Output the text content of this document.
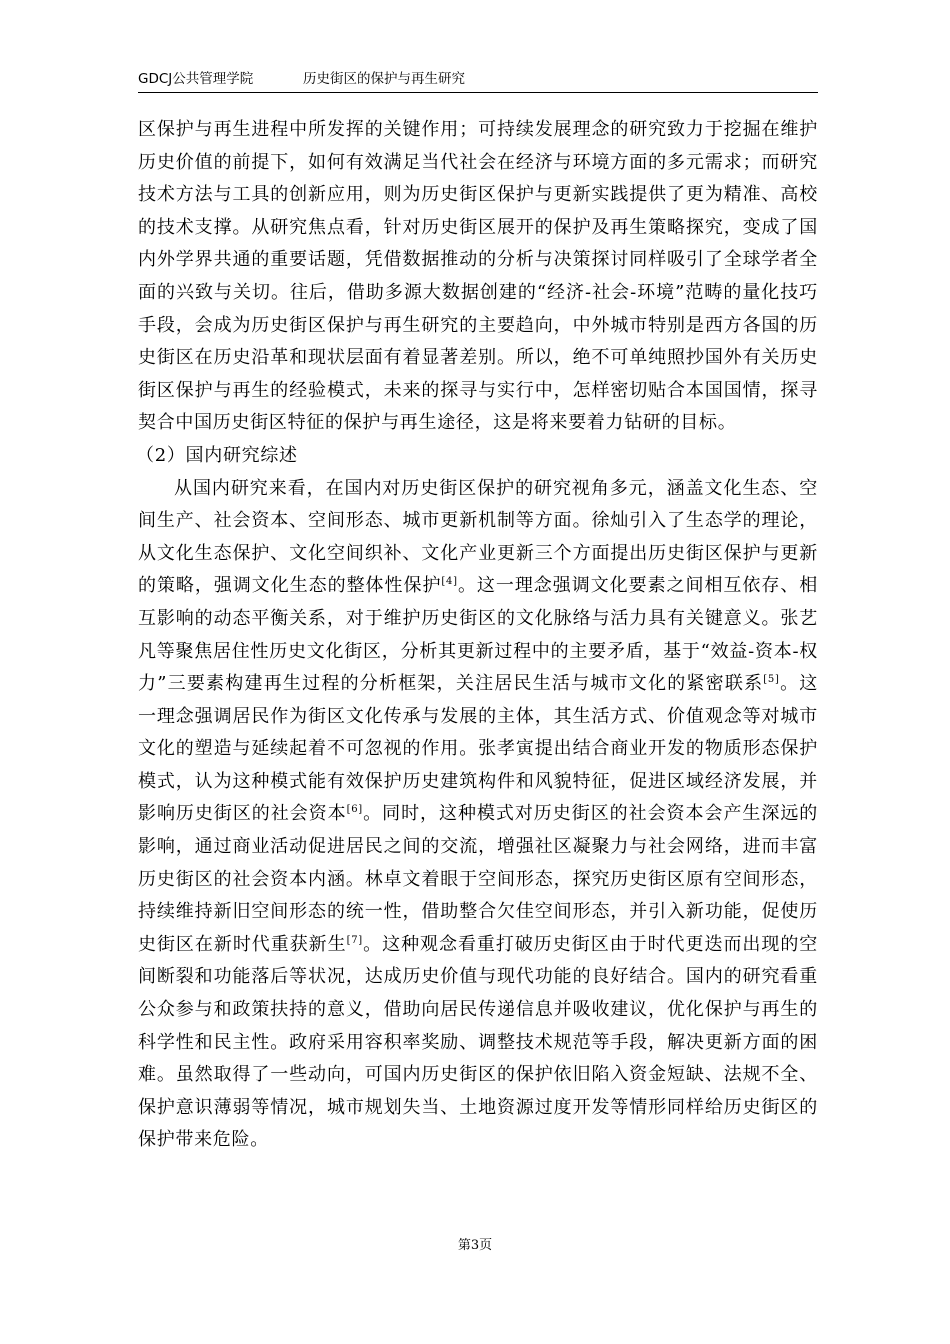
GDCJ公共管理学院	历史街区的保护与再生研究

区保护与再生进程中所发挥的关键作用；可持续发展理念的研究致力于挖掘在维护历史价值的前提下，如何有效满足当代社会在经济与环境方面的多元需求；而研究技术方法与工具的创新应用，则为历史街区保护与更新实践提供了更为精准、高校的技术支撑。从研究焦点看，针对历史街区展开的保护及再生策略探究，变成了国内外学界共通的重要话题，凭借数据推动的分析与决策探讨同样吸引了全球学者全面的兴致与关切。往后，借助多源大数据创建的“经济-社会-环境”范畴的量化技巧手段，会成为历史街区保护与再生研究的主要趋向，中外城市特别是西方各国的历史街区在历史沿革和现状层面有着显著差别。所以，绝不可单纯照抄国外有关历史街区保护与再生的经验模式，未来的探寻与实行中，怎样密切贴合本国国情，探寻契合中国历史街区特征的保护与再生途径，这是将来要着力钻研的目标。

（2）国内研究综述

从国内研究来看，在国内对历史街区保护的研究视角多元，涵盖文化生态、空间生产、社会资本、空间形态、城市更新机制等方面。徐灿引入了生态学的理论，从文化生态保护、文化空间织补、文化产业更新三个方面提出历史街区保护与更新的策略，强调文化生态的整体性保护[4]。这一理念强调文化要素之间相互依存、相互影响的动态平衡关系，对于维护历史街区的文化脉络与活力具有关键意义。张艺凡等聚焦居住性历史文化街区，分析其更新过程中的主要矛盾，基于“效益-资本-权力”三要素构建再生过程的分析框架，关注居民生活与城市文化的紧密联系[5]。这一理念强调居民作为街区文化传承与发展的主体，其生活方式、价值观念等对城市文化的塑造与延续起着不可忽视的作用。张孝寅提出结合商业开发的物质形态保护模式，认为这种模式能有效保护历史建筑构件和风貌特征，促进区域经济发展，并影响历史街区的社会资本[6]。同时，这种模式对历史街区的社会资本会产生深远的影响，通过商业活动促进居民之间的交流，增强社区凝聚力与社会网络，进而丰富历史街区的社会资本内涵。林卓文着眼于空间形态，探究历史街区原有空间形态，持续维持新旧空间形态的统一性，借助整合欠佳空间形态，并引入新功能，促使历史街区在新时代重获新生[7]。这种观念看重打破历史街区由于时代更迭而出现的空间断裂和功能落后等状况，达成历史价值与现代功能的良好结合。国内的研究看重公众参与和政策扶持的意义，借助向居民传递信息并吸收建议，优化保护与再生的科学性和民主性。政府采用容积率奖励、调整技术规范等手段，解决更新方面的困难。虽然取得了一些动向，可国内历史街区的保护依旧陷入资金短缺、法规不全、保护意识薄弱等情况，城市规划失当、土地资源过度开发等情形同样给历史街区的保护带来危险。

第3页
